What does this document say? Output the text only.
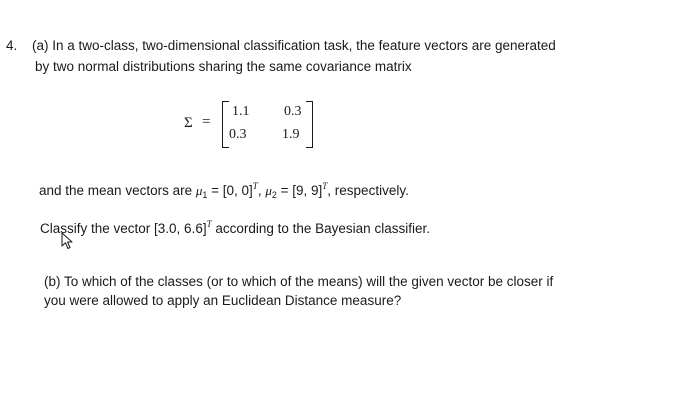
4. (a) In a two-class, two-dimensional classification task, the feature vectors are generated
by two normal distributions sharing the same covariance matrix
Σ =
1.1 0.3
0.3	1.9
and the mean vectors are $\mu_1 = [0$, 0]$^T$, $\mu_2 = [9$, 9]$^T$, respectively.
Classify the vector [3.0, 6.6]$^T$ according to the Bayesian classifier.
(b) To which of the classes (or to which of the means) will the given vector be closer if
you were allowed to apply an Euclidean Distance measure?
